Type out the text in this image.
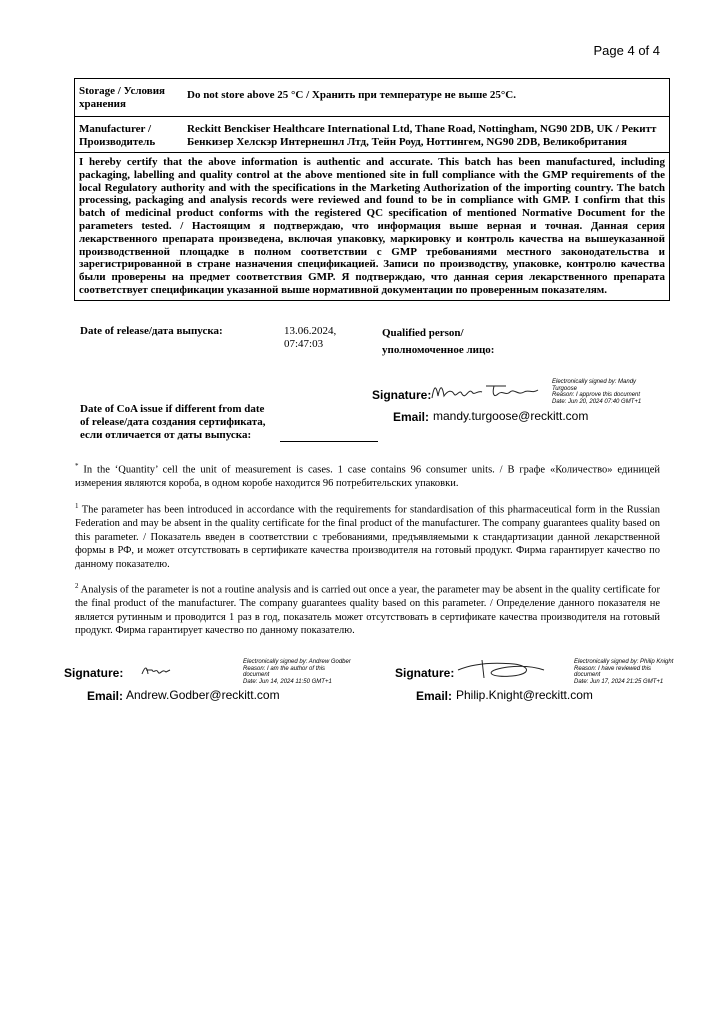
Page 4 of 4
Storage / Условия хранения	Do not store above 25 °C / Хранить при температуре не выше 25°C.
Manufacturer / Производитель	Reckitt Benckiser Healthcare International Ltd, Thane Road, Nottingham, NG90 2DB, UK / Рекитт Бенкизер Хелскэр Интернешнл Лтд, Тейн Роуд, Ноттингем, NG90 2DB, Великобритания
I hereby certify that the above information is authentic and accurate. This batch has been manufactured, including packaging, labelling and quality control at the above mentioned site in full compliance with the GMP requirements of the local Regulatory authority and with the specifications in the Marketing Authorization of the importing country. The batch processing, packaging and analysis records were reviewed and found to be in compliance with GMP. I confirm that this batch of medicinal product conforms with the registered QC specification of mentioned Normative Document for the parameters tested. / Настоящим я подтверждаю, что информация выше верная и точная. Данная серия лекарственного препарата произведена, включая упаковку, маркировку и контроль качества на вышеуказанной производственной площадке в полном соответствии с GMP требованиями местного законодательства и зарегистрированной в стране назначения спецификацией. Записи по производству, упаковке, контролю качества были проверены на предмет соответствия GMP. Я подтверждаю, что данная серия лекарственного препарата соответствует спецификации указанной выше нормативной документации по проверенным показателям.	
Date of release/дата выпуска:	13.06.2024,
07:47:03
Qualified person/
уполномоченное лицо:
Signature:
Electronically signed by: Mandy
Turgoose
Reason: I approve this document
Date: Jun 20, 2024 07:40 GMT+1
Email: mandy.turgoose@reckitt.com
Date of CoA issue if different from date
of release/дата создания сертификата,
если отличается от даты выпуска:
* In the ‘Quantity’ cell the unit of measurement is cases. 1 case contains 96 consumer units. / В графе «Количество» единицей измерения являются короба, в одном коробе находится 96 потребительских упаковки.
$^1$ The parameter has been introduced in accordance with the requirements for standardisation of this pharmaceutical form in the Russian Federation and may be absent in the quality certificate for the final product of the manufacturer. The company guarantees quality based on this parameter. / Показатель введен в соответствии с требованиями, предъявляемыми к стандартизации данной лекарственной формы в РФ, и может отсутствовать в сертификате качества производителя на готовый продукт. Фирма гарантирует качество по данному показателю.
$^2$ Analysis of the parameter is not a routine analysis and is carried out once a year, the parameter may be absent in the quality certificate for the final product of the manufacturer. The company guarantees quality based on this parameter. / Определение данного показателя не является рутинным и проводится 1 раз в год, показатель может отсутствовать в сертификате качества производителя на готовый продукт. Фирма гарантирует качество по данному показателю.
Signature:
Electronically signed by: Andrew Godber
Reason: I am the author of this
document
Date: Jun 14, 2024 11:50 GMT+1
Email: Andrew.Godber@reckitt.com
Signature:
Electronically signed by: Philip Knight
Reason: I have reviewed this
document
Date: Jun 17, 2024 21:25 GMT+1
Email: Philip.Knight@reckitt.com
